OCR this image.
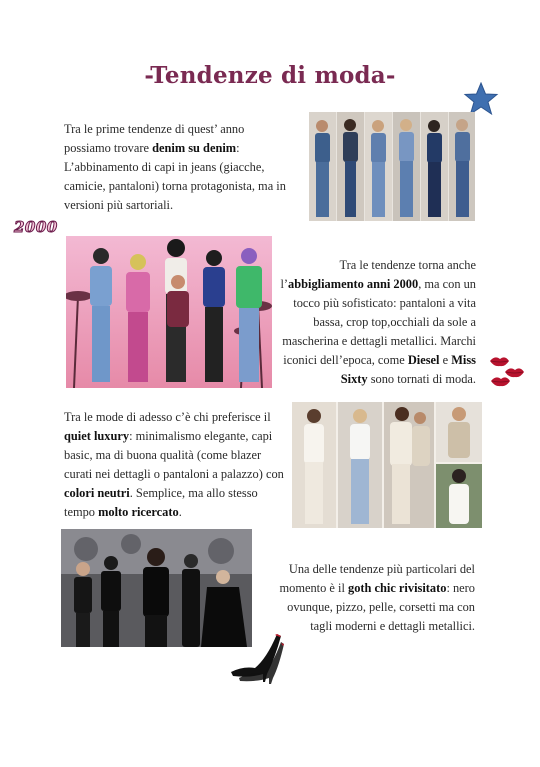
-Tendenze di moda-

Tra le prime tendenze di quest’ anno possiamo trovare denim su denim: L’abbinamento di capi in jeans (giacche, camicie, pantaloni) torna protagonista, ma in versioni più sartoriali.

2000

Tra le tendenze torna anche l’abbigliamento anni 2000, ma con un tocco più sofisticato: pantaloni a vita bassa, crop top,occhiali da sole a mascherina e dettagli metallici. Marchi iconici dell’epoca, come Diesel e Miss Sixty sono tornati di moda.

Tra le mode di adesso c’è chi preferisce il quiet luxury: minimalismo elegante, capi basic, ma di buona qualità (come blazer curati nei dettagli o pantaloni a palazzo) con colori neutri. Semplice, ma allo stesso tempo molto ricercato.

Una delle tendenze più particolari del momento è il goth chic rivisitato: nero ovunque, pizzo, pelle, corsetti ma con tagli moderni e dettagli metallici.
